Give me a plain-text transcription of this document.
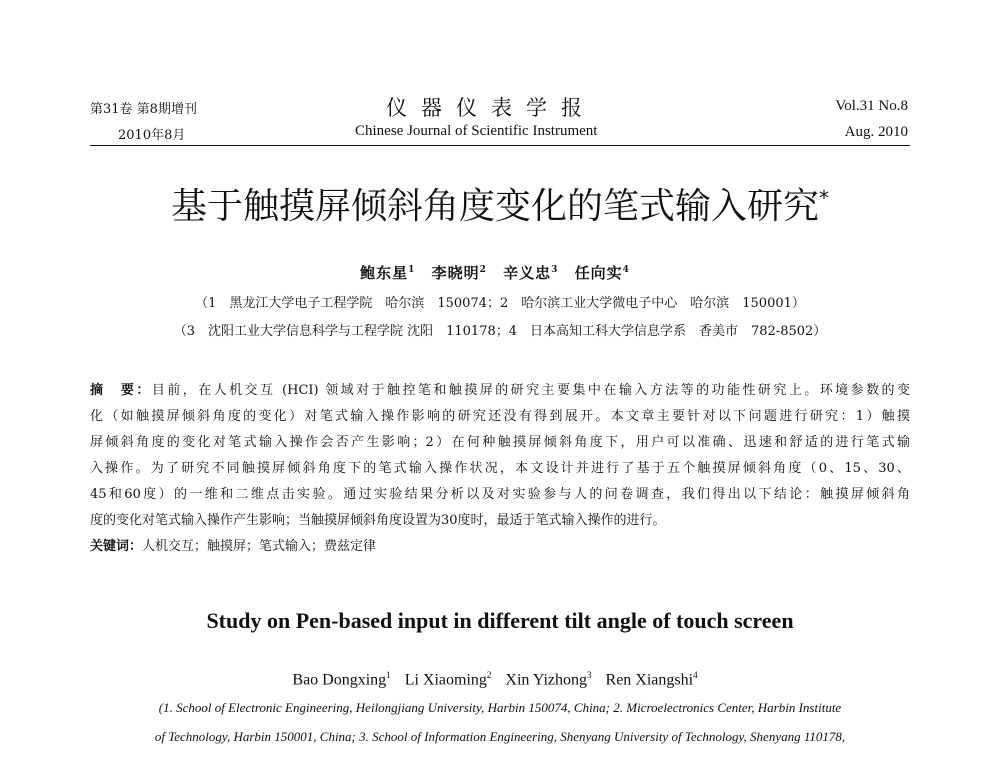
第31卷 第8期增刊
2010年8月
仪器仪表学报
Chinese Journal of Scientific Instrument
Vol.31 No.8
Aug. 2010
基于触摸屏倾斜角度变化的笔式输入研究*
鲍东星$^1$ 李晓明$^2$ 辛义忠$^3$ 任向实$^4$
（1　黑龙江大学电子工程学院　哈尔滨　150074；2　哈尔滨工业大学微电子中心　哈尔滨　150001）
（3　沈阳工业大学信息科学与工程学院 沈阳　110178；4　日本高知工科大学信息学系　香美市　782-8502）
摘　要：目前，在人机交互 (HCI) 领域对于触控笔和触摸屏的研究主要集中在输入方法等的功能性研究上。环境参数的变
化（如触摸屏倾斜角度的变化）对笔式输入操作影响的研究还没有得到展开。本文章主要针对以下问题进行研究：1）触摸
屏倾斜角度的变化对笔式输入操作会否产生影响；2）在何种触摸屏倾斜角度下，用户可以准确、迅速和舒适的进行笔式输
入操作。为了研究不同触摸屏倾斜角度下的笔式输入操作状况，本文设计并进行了基于五个触摸屏倾斜角度（0、15、30、
45和60度）的一维和二维点击实验。通过实验结果分析以及对实验参与人的问卷调查，我们得出以下结论：触摸屏倾斜角
度的变化对笔式输入操作产生影响；当触摸屏倾斜角度设置为30度时，最适于笔式输入操作的进行。
关键词：人机交互；触摸屏；笔式输入；费兹定律
Study on Pen-based input in different tilt angle of touch screen
Bao Dongxing$^1$ Li Xiaoming$^2$ Xin Yizhong$^3$ Ren Xiangshi$^4$
(1. School of Electronic Engineering, Heilongjiang University, Harbin 150074, China; 2. Microelectronics Center, Harbin Institute
of Technology, Harbin 150001, China; 3. School of Information Engineering, Shenyang University of Technology, Shenyang 110178,
